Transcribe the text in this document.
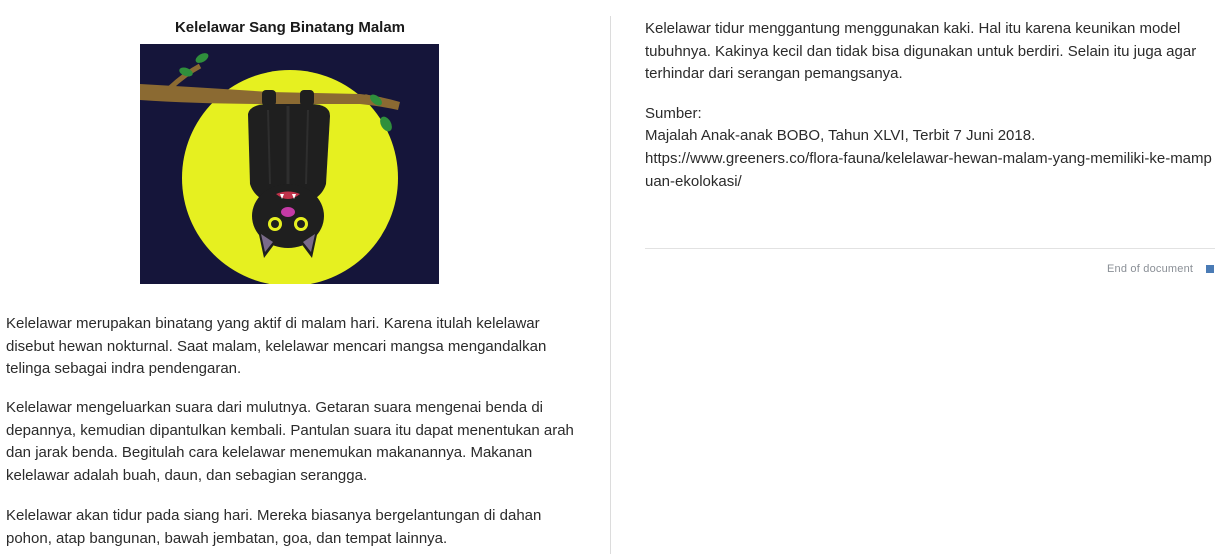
Kelelawar Sang Binatang Malam

Kelelawar merupakan binatang yang aktif di malam hari. Karena itulah kelelawar disebut hewan nokturnal. Saat malam, kelelawar mencari mangsa mengandalkan telinga sebagai indra pendengaran.

Kelelawar mengeluarkan suara dari mulutnya. Getaran suara mengenai benda di depannya, kemudian dipantulkan kembali. Pantulan suara itu dapat menentukan arah dan jarak benda. Begitulah cara kelelawar menemukan makanannya. Makanan kelelawar adalah buah, daun, dan sebagian serangga.

Kelelawar akan tidur pada siang hari. Mereka biasanya bergelantungan di dahan pohon, atap bangunan, bawah jembatan, goa, dan tempat lainnya.

Kelelawar tidur menggantung menggunakan kaki. Hal itu karena keunikan model tubuhnya. Kakinya kecil dan tidak bisa digunakan untuk berdiri. Selain itu juga agar terhindar dari serangan pemangsanya.

Sumber:

Majalah Anak-anak BOBO, Tahun XLVI, Terbit 7 Juni 2018.

https://www.greeners.co/flora-fauna/kelelawar-hewan-malam-yang-memiliki-ke-mampuan-ekolokasi/

End of document
